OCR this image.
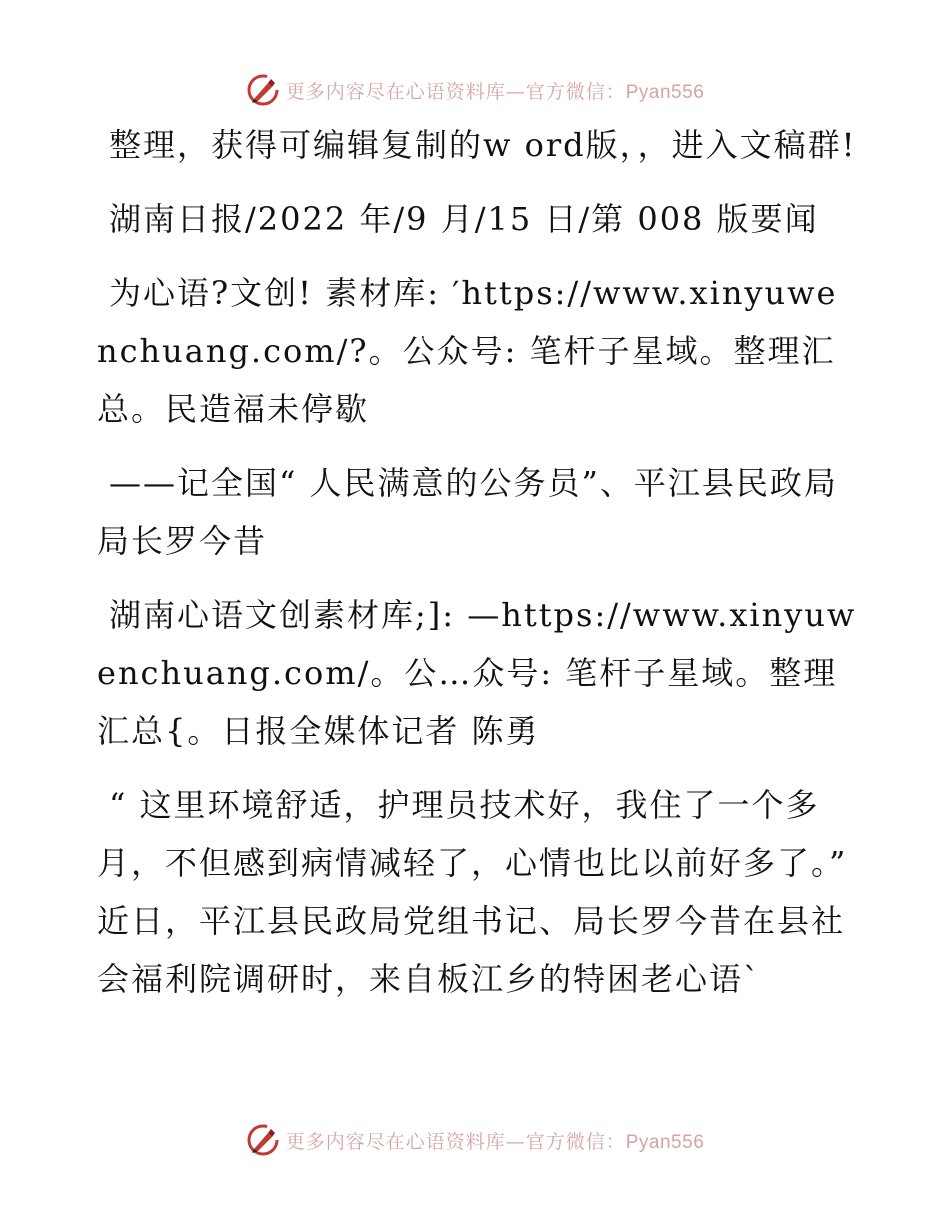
更多内容尽在心语资料库—官方微信：Pyan556

整理，获得可编辑复制的w ord版，，进入文稿群!

湖南日报/2022 年/9 月/15 日/第 008 版要闻

为心语?文创! 素材库: ′https://www.xinyuwenchuang.com/?。公众号: 笔杆子星域。整理汇总。民造福未停歇

——记全国“ 人民满意的公务员”、平江县民政局局长罗今昔

湖南心语文创素材库;]: —https://www.xinyuwenchuang.com/。公…众号: 笔杆子星域。整理汇总{。日报全媒体记者 陈勇

“ 这里环境舒适，护理员技术好，我住了一个多月，不但感到病情减轻了，心情也比以前好多了。” 近日，平江县民政局党组书记、局长罗今昔在县社会福利院调研时，来自板江乡的特困老心语`

更多内容尽在心语资料库—官方微信：Pyan556
